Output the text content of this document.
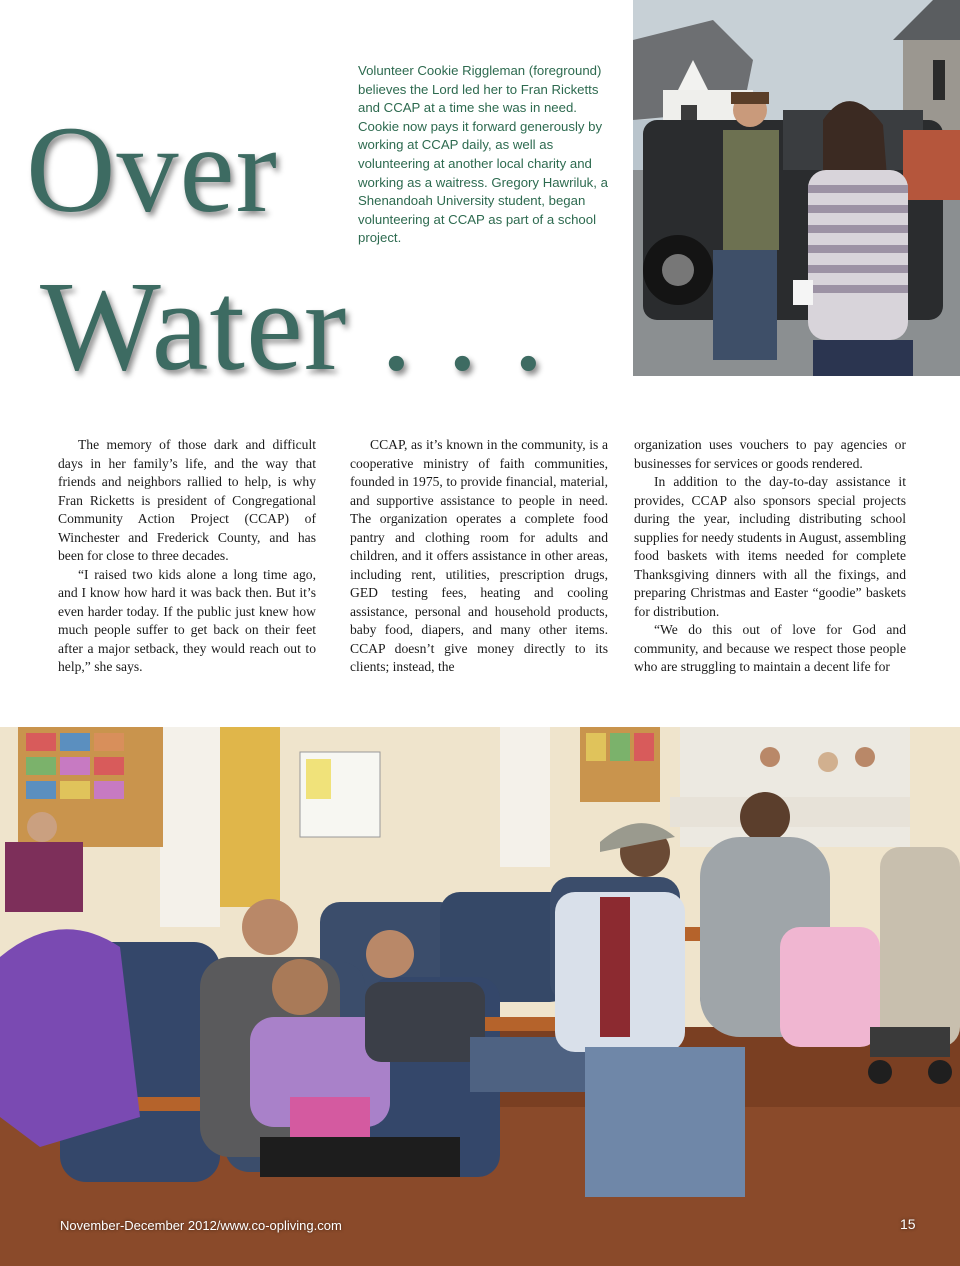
Over
Water . . .

Volunteer Cookie Riggleman (foreground) believes the Lord led her to Fran Ricketts and CCAP at a time she was in need. Cookie now pays it forward generously by working at CCAP daily, as well as volunteering at another local charity and working as a waitress. Gregory Hawriluk, a Shenandoah University student, began volunteering at CCAP as part of a school project.

The memory of those dark and difficult days in her family’s life, and the way that friends and neighbors rallied to help, is why Fran Ricketts is president of Congregational Community Action Project (CCAP) of Winchester and Frederick County, and has been for close to three decades.

“I raised two kids alone a long time ago, and I know how hard it was back then. But it’s even harder today. If the public just knew how much people suffer to get back on their feet after a major setback, they would reach out to help,” she says.

CCAP, as it’s known in the community, is a cooperative ministry of faith communities, founded in 1975, to provide financial, material, and supportive assistance to people in need. The organization operates a complete food pantry and clothing room for adults and children, and it offers assistance in other areas, including rent, utilities, prescription drugs, GED testing fees, heating and cooling assistance, personal and household products, baby food, diapers, and many other items. CCAP doesn’t give money directly to its clients; instead, the

organization uses vouchers to pay agencies or businesses for services or goods rendered.

In addition to the day-to-day assistance it provides, CCAP also sponsors special projects during the year, including distributing school supplies for needy students in August, assembling food baskets with items needed for complete Thanksgiving dinners with all the fixings, and preparing Christmas and Easter “goodie” baskets for distribution.

“We do this out of love for God and community, and because we respect those people who are struggling to maintain a decent life for

November-December 2012/www.co-opliving.com	15
